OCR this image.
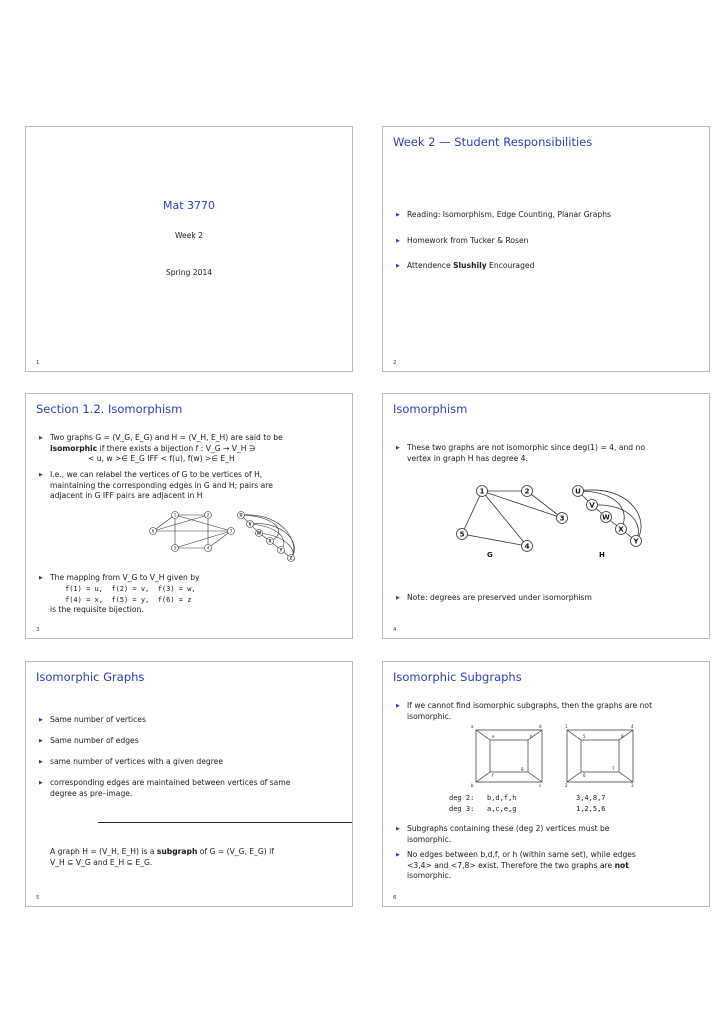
Mat 3770
Week 2
Spring 2014
1
Week 2 — Student Responsibilities
▶ Reading: Isomorphism, Edge Counting, Planar Graphs
▶ Homework from Tucker & Rosen
▶ Attendence Slushily Encouraged
2
Section 1.2. Isomorphism
▶ Two graphs G = (V_G, E_G) and H = (V_H, E_H) are said to be
isomorphic if there exists a bijection f : V_G → V_H ∋
< u, w >∈ E_G IFF < f(u), f(w) >∈ E_H
▶ I.e., we can relabel the vertices of G to be vertices of H,
maintaining the corresponding edges in G and H; pairs are
adjacent in G IFF pairs are adjacent in H
1	2
3
4
5
6
U
V
W
X
Y
Z
▶ The mapping from V_G to V_H given by
f(1) = u,  f(2) = v,  f(3) = w,
f(4) = x,  f(5) = y,  f(6) = z
is the requisite bijection.
3
Isomorphism
▶ These two graphs are not isomorphic since deg(1) = 4, and no
vertex in graph H has degree 4.
1	2
3
4
5
G
U
V
W
X
Y
H
▶ Note: degrees are preserved under isomorphism
4
Isomorphic Graphs
▶ Same number of vertices
▶ Same number of edges
▶ same number of vertices with a given degree
▶ corresponding edges are maintained between vertices of same
degree as pre–image.
A graph H = (V_H, E_H) is a subgraph of G = (V_G, E_G) if
V_H ⊆ V_G and E_H ⊆ E_G.
5
Isomorphic Subgraphs
▶ If we cannot find isomorphic subgraphs, then the graphs are not
isomorphic.
a	d
e	h
f
g
b	c
1	4
5	8
6
7
2	3
deg 2: b,d,f,h	3,4,8,7
deg 3: a,c,e,g	1,2,5,6
▶ Subgraphs containing these (deg 2) vertices must be
isomorphic.
▶ No edges between b,d,f, or h (within same set), while edges
<3,4> and <7,8> exist. Therefore the two graphs are not
isomorphic.
6
